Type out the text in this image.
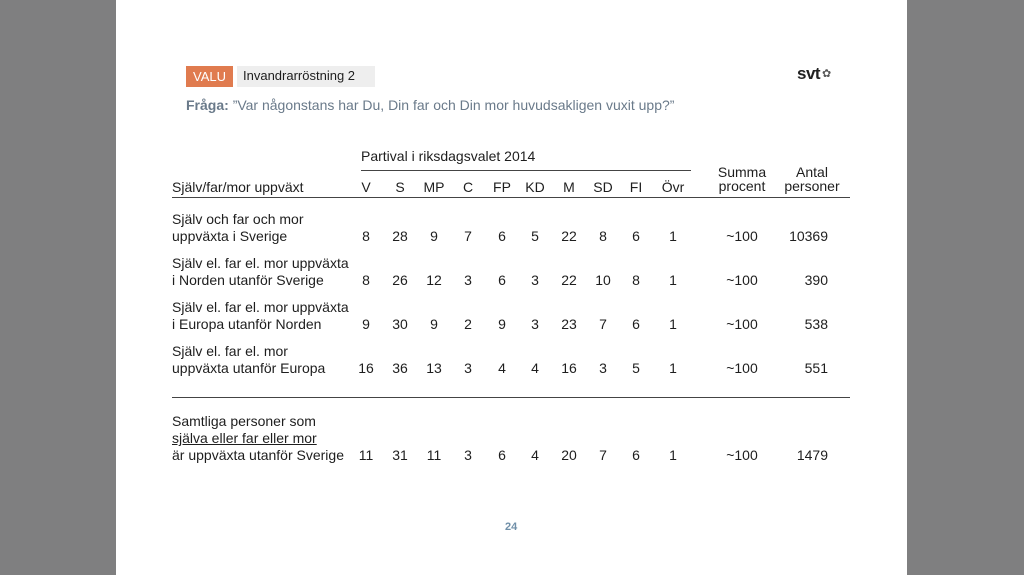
VALU	Invandrarröstning 2	svt ✿
Fråga: ”Var någonstans har Du, Din far och Din mor huvudsakligen vuxit upp?”
Partival i riksdagsvalet 2014
Själv/far/mor uppväxt
Summa
procent
Antal
personer
V	S	MP	C	FP	KD	M	SD	FI	Övr
Själv och far och mor
uppväxta i Sverige	8	28	9	7	6	5	22	8	6	1	~100	10369
Själv el. far el. mor uppväxta
i Norden utanför Sverige	8	26	12	3	6	3	22	10	8	1	~100	390
Själv el. far el. mor uppväxta
i Europa utanför Norden	9	30	9	2	9	3	23	7	6	1	~100	538
Själv el. far el. mor
uppväxta utanför Europa	16	36	13	3	4	4	16	3	5	1	~100	551
Samtliga personer som
själva eller far eller mor
är uppväxta utanför Sverige	11	31	11	3	6	4	20	7	6	1	~100	1479
24
